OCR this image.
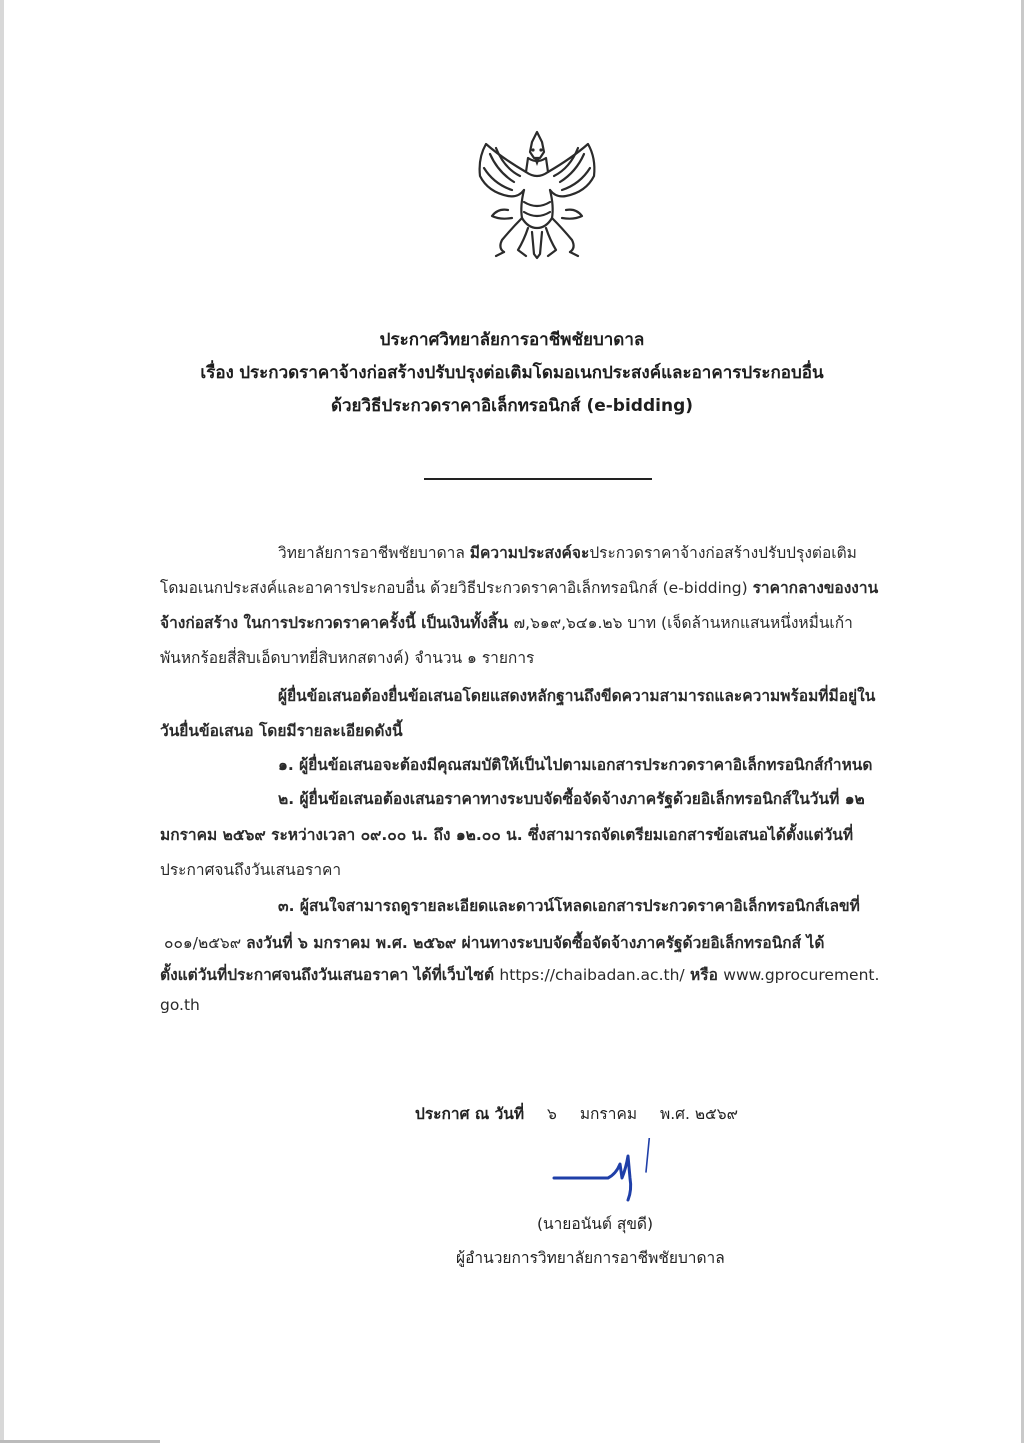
ประกาศวิทยาลัยการอาชีพชัยบาดาล
เรื่อง ประกวดราคาจ้างก่อสร้างปรับปรุงต่อเติมโดมอเนกประสงค์และอาคารประกอบอื่น
ด้วยวิธีประกวดราคาอิเล็กทรอนิกส์ (e-bidding)
วิทยาลัยการอาชีพชัยบาดาล มีความประสงค์จะประกวดราคาจ้างก่อสร้างปรับปรุงต่อเติม
โดมอเนกประสงค์และอาคารประกอบอื่น ด้วยวิธีประกวดราคาอิเล็กทรอนิกส์ (e-bidding) ราคากลางของงาน
จ้างก่อสร้าง ในการประกวดราคาครั้งนี้ เป็นเงินทั้งสิ้น ๗,๖๑๙,๖๔๑.๒๖ บาท (เจ็ดล้านหกแสนหนึ่งหมื่นเก้า
พันหกร้อยสี่สิบเอ็ดบาทยี่สิบหกสตางค์) จำนวน ๑ รายการ
ผู้ยื่นข้อเสนอต้องยื่นข้อเสนอโดยแสดงหลักฐานถึงขีดความสามารถและความพร้อมที่มีอยู่ใน
วันยื่นข้อเสนอ โดยมีรายละเอียดดังนี้
๑. ผู้ยื่นข้อเสนอจะต้องมีคุณสมบัติให้เป็นไปตามเอกสารประกวดราคาอิเล็กทรอนิกส์กำหนด
๒. ผู้ยื่นข้อเสนอต้องเสนอราคาทางระบบจัดซื้อจัดจ้างภาครัฐด้วยอิเล็กทรอนิกส์ในวันที่ ๑๒
มกราคม ๒๕๖๙ ระหว่างเวลา ๐๙.๐๐ น. ถึง ๑๒.๐๐ น. ซึ่งสามารถจัดเตรียมเอกสารข้อเสนอได้ตั้งแต่วันที่
ประกาศจนถึงวันเสนอราคา
๓. ผู้สนใจสามารถดูรายละเอียดและดาวน์โหลดเอกสารประกวดราคาอิเล็กทรอนิกส์เลขที่
๐๐๑/๒๕๖๙ ลงวันที่ ๖ มกราคม พ.ศ. ๒๕๖๙ ผ่านทางระบบจัดซื้อจัดจ้างภาครัฐด้วยอิเล็กทรอนิกส์ ได้
ตั้งแต่วันที่ประกาศจนถึงวันเสนอราคา ได้ที่เว็บไซต์ https://chaibadan.ac.th/ หรือ www.gprocurement.
go.th
ประกาศ ณ วันที่ ๖ มกราคม พ.ศ. ๒๕๖๙
(นายอนันต์ สุขดี)
ผู้อำนวยการวิทยาลัยการอาชีพชัยบาดาล
